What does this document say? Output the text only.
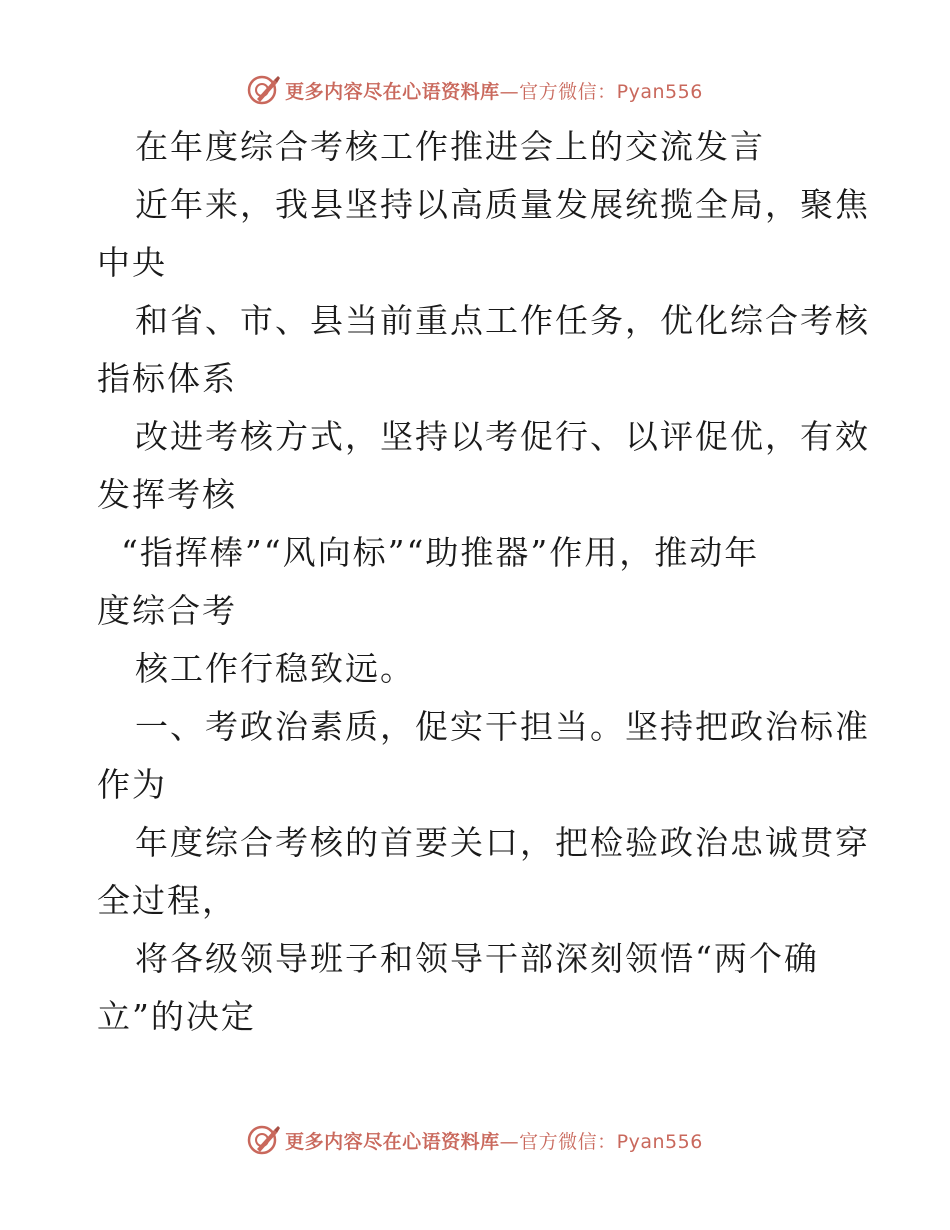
更多内容尽在心语资料库—官方微信：Pyan556
在年度综合考核工作推进会上的交流发言
近年来，我县坚持以高质量发展统揽全局，聚焦
中央
和省、市、县当前重点工作任务，优化综合考核
指标体系
改进考核方式，坚持以考促行、以评促优，有效
发挥考核
“指挥棒”“风向标”“助推器”作用，推动年
度综合考
核工作行稳致远。
一、考政治素质，促实干担当。坚持把政治标准
作为
年度综合考核的首要关口，把检验政治忠诚贯穿
全过程，
将各级领导班子和领导干部深刻领悟“两个确
立”的决定
更多内容尽在心语资料库—官方微信：Pyan556
